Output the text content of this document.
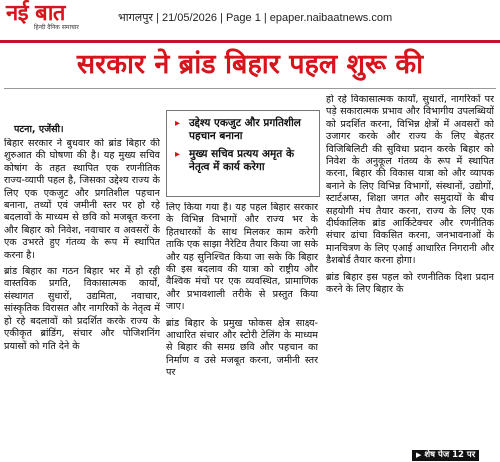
नई बात
हिन्दी दैनिक समाचार
भागलपुर | 21/05/2026 | Page 1 | epaper.naibaatnews.com
सरकार ने ब्रांड बिहार पहल शुरू की
पटना, एजेंसी।
▸ उद्देश्य एकजुट और प्रगतिशील पहचान बनाना
▸ मुख्य सचिव प्रत्यय अमृत के नेतृत्व में कार्य करेगा

बिहार सरकार ने बुधवार को ब्रांड बिहार की शुरुआत की घोषणा की है। यह मुख्य सचिव कोषांग के तहत स्थापित एक रणनीतिक राज्य-व्यापी पहल है, जिसका उद्देश्य राज्य के लिए एक एकजुट और प्रगतिशील पहचान बनाना, तथ्यों एवं जमीनी स्तर पर हो रहे बदलावों के माध्यम से छवि को मजबूत करना और बिहार को निवेश, नवाचार व अवसरों के एक उभरते हुए गंतव्य के रूप में स्थापित करना है।

ब्रांड बिहार का गठन बिहार भर में हो रही वास्तविक प्रगति, विकासात्मक कार्यों, संस्थागत सुधारों, उद्यमिता, नवाचार, सांस्कृतिक विरासत और नागरिकों के नेतृत्व में हो रहे बदलावों को प्रदर्शित करके राज्य के एकीकृत ब्रांडिंग, संचार और पोजिशनिंग प्रयासों को गति देने के

लिए किया गया है। यह पहल बिहार सरकार के विभिन्न विभागों और राज्य भर के हितधारकों के साथ मिलकर काम करेगी ताकि एक साझा नैरेटिव तैयार किया जा सके और यह सुनिश्चित किया जा सके कि बिहार की इस बदलाव की यात्रा को राष्ट्रीय और वैश्विक मंचों पर एक व्यवस्थित, प्रामाणिक और प्रभावशाली तरीके से प्रस्तुत किया जाए।

ब्रांड बिहार के प्रमुख फोकस क्षेत्र साक्ष्य-आधारित संचार और स्टोरी टेलिंग के माध्यम से बिहार की समग्र छवि और पहचान का निर्माण व उसे मजबूत करना, जमीनी स्तर पर

हो रहे विकासात्मक कार्यों, सुधारों, नागरिकों पर पड़े सकारात्मक प्रभाव और विभागीय उपलब्धियों को प्रदर्शित करना, विभिन्न क्षेत्रों में अवसरों को उजागर करके और राज्य के लिए बेहतर विजिबिलिटी की सुविधा प्रदान करके बिहार को निवेश के अनुकूल गंतव्य के रूप में स्थापित करना, बिहार की विकास यात्रा को और व्यापक बनाने के लिए विभिन्न विभागों, संस्थानों, उद्योगों, स्टार्टअप्स, शिक्षा जगत और समुदायों के बीच सहयोगी मंच तैयार करना, राज्य के लिए एक दीर्घकालिक ब्रांड आर्किटेक्चर और रणनीतिक संचार ढांचा विकसित करना, जनभावनाओं के मानचित्रण के लिए एआई आधारित निगरानी और डैशबोर्ड तैयार करना होगा।

ब्रांड बिहार इस पहल को रणनीतिक दिशा प्रदान करने के लिए बिहार के

▶ शेष पेज 12 पर
